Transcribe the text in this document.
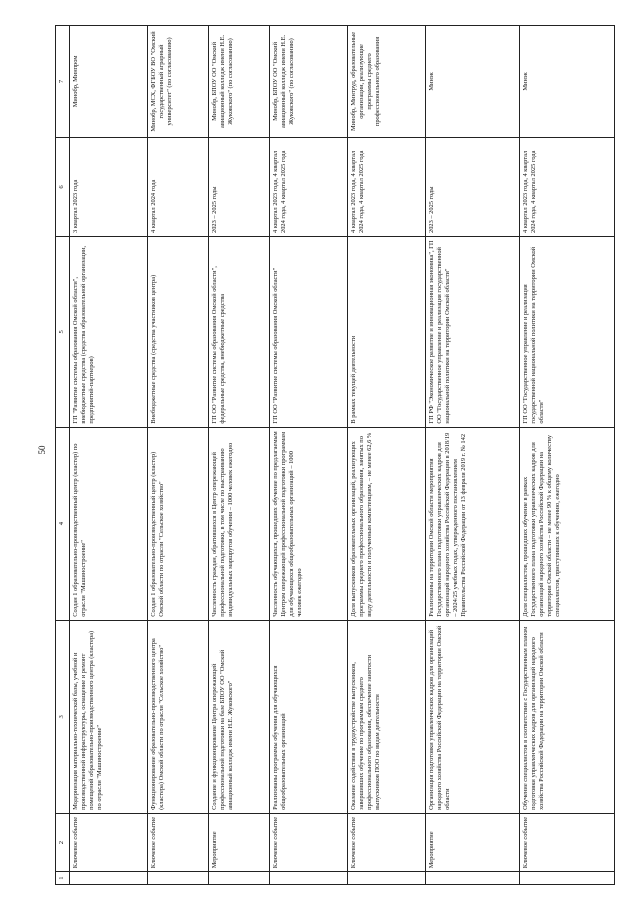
50
1	2	3	4	5	6	7
	Ключевое событие	Модернизация материально-технической базы, учебной и производственной инфраструктуры, оснащение и ремонт помещений образовательно-производственного центра (кластера) по отрасли "Машиностроение"	Создан 1 образовательно-производственный центр (кластер) по отрасли "Машиностроение"	ГП "Развитие системы образования Омской области", внебюджетные средства (средства образовательной организации, предприятий-партнеров)	3 квартал 2023 года	Минобр, Минпром
	Ключевое событие	Функционирование образовательно-производственного центра (кластера) Омской области по отрасли "Сельское хозяйство"	Создан 1 образовательно-производственный центр (кластер) Омской области по отрасли "Сельское хозяйство"	Внебюджетные средства (средства участников центра)	4 квартал 2024 года	Минобр, МСХ, ФГБОУ ВО "Омский государственный аграрный университет" (по согласованию)
	Мероприятие	Создание и функционирование Центра опережающей профессиональной подготовки на базе БПОУ ОО "Омский авиационный колледж имени Н.Е. Жуковского"	Численность граждан, обратившихся в Центр опережающей профессиональной подготовки, в том числе по выстраиванию индивидуальных маршрутов обучения – 1000 человек ежегодно	ГП ОО "Развитие системы образования Омской области", федеральные средства, внебюджетные средства	2023 – 2025 годы	Минобр, БПОУ ОО "Омский авиационный колледж имени Н.Е. Жуковского" (по согласованию)
	Ключевое событие	Реализованы программы обучения для обучающихся общеобразовательных организаций	Численность обучающихся, прошедших обучение по предлагаемым Центром опережающей профессиональной подготовки программам для обучающихся общеобразовательных организаций – 1000 человек ежегодно	ГП ОО "Развитие системы образования Омской области"	4 квартал 2023 года, 4 квартал 2024 года, 4 квартал 2025 года	Минобр, БПОУ ОО "Омский авиационный колледж имени Н.Е. Жуковского" (по согласованию)
	Ключевое событие	Оказание содействия в трудоустройстве выпускников, завершивших обучение по программам среднего профессионального образования, обеспечение занятости выпускников ПОО по видам деятельности	Доля выпускников образовательных организаций, реализующих программы среднего профессионального образования, занятых по виду деятельности и полученным компетенциям, – не менее 62,6 %	В рамках текущей деятельности	4 квартал 2023 года, 4 квартал 2024 года, 4 квартал 2025 года	Минобр, Минтруд, образовательные организации, реализующие программы среднего профессионального образования
	Мероприятие	Организация подготовки управленческих кадров для организаций народного хозяйства Российской Федерации на территории Омской области	Реализованы на территории Омской области мероприятия Государственного плана подготовки управленческих кадров для организаций народного хозяйства Российской Федерации в 2018/19 – 2024/25 учебных годах, утвержденного постановлением Правительства Российской Федерации от 13 февраля 2019 г. № 142	ГП РФ "Экономическое развитие и инновационная экономика", ГП ОО "Государственное управление и реализация государственной национальной политики на территории Омской области"	2023 – 2025 годы	Минэк
	Ключевое событие	Обучение специалистов в соответствии с Государственным планом подготовки управленческих кадров для организаций народного хозяйства Российской Федерации на территории Омской области	Доля специалистов, прошедших обучение в рамках Государственного плана подготовки управленческих кадров для организаций народного хозяйства Российской Федерации на территории Омской области – не менее 90 % к общему количеству специалистов, приступивших к обучению, ежегодно	ГП ОО "Государственное управление и реализация государственной национальной политики на территории Омской области"	4 квартал 2023 года, 4 квартал 2024 года, 4 квартал 2025 года	Минэк
